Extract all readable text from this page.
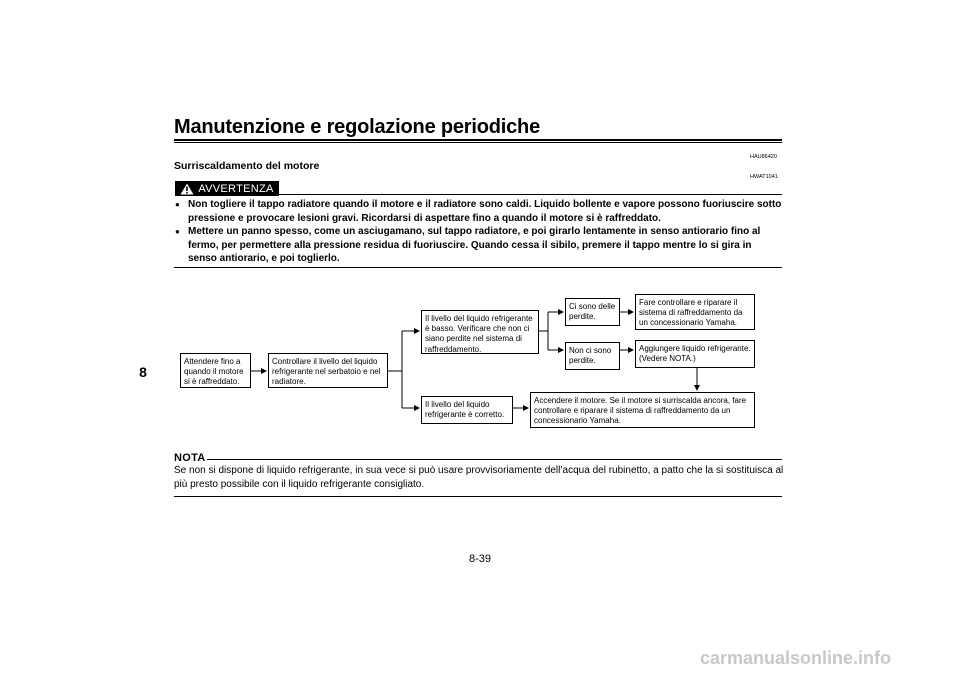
Manutenzione e regolazione periodiche
8
HAU86420
Surriscaldamento del motore
HWAT1041
AVVERTENZA
● Non togliere il tappo radiatore quando il motore e il radiatore sono caldi. Liquido bollente e vapore possono fuoriuscire sotto pressione e provocare lesioni gravi. Ricordarsi di aspettare fino a quando il motore si è raffreddato.
● Mettere un panno spesso, come un asciugamano, sul tappo radiatore, e poi girarlo lentamente in senso antiorario fino al fermo, per permettere alla pressione residua di fuoriuscire. Quando cessa il sibilo, premere il tappo mentre lo si gira in senso antiorario, e poi toglierlo.
Attendere fino a quando il motore si è raffreddato.
Controllare il livello del liquido refrigerante nel serbatoio e nel radiatore.
Il livello del liquido refrigerante è basso. Verificare che non ci siano perdite nel sistema di raffreddamento.
Il livello del liquido refrigerante è corretto.
Ci sono delle perdite.
Non ci sono perdite.
Fare controllare e riparare il sistema di raffreddamento da un concessionario Yamaha.
Aggiungere liquido refrigerante. (Vedere NOTA.)
Accendere il motore. Se il motore si surriscalda ancora, fare controllare e riparare il sistema di raffreddamento da un concessionario Yamaha.
NOTA
Se non si dispone di liquido refrigerante, in sua vece si può usare provvisoriamente dell’acqua del rubinetto, a patto che la si sostituisca al più presto possibile con il liquido refrigerante consigliato.
8-39
carmanualsonline.info
